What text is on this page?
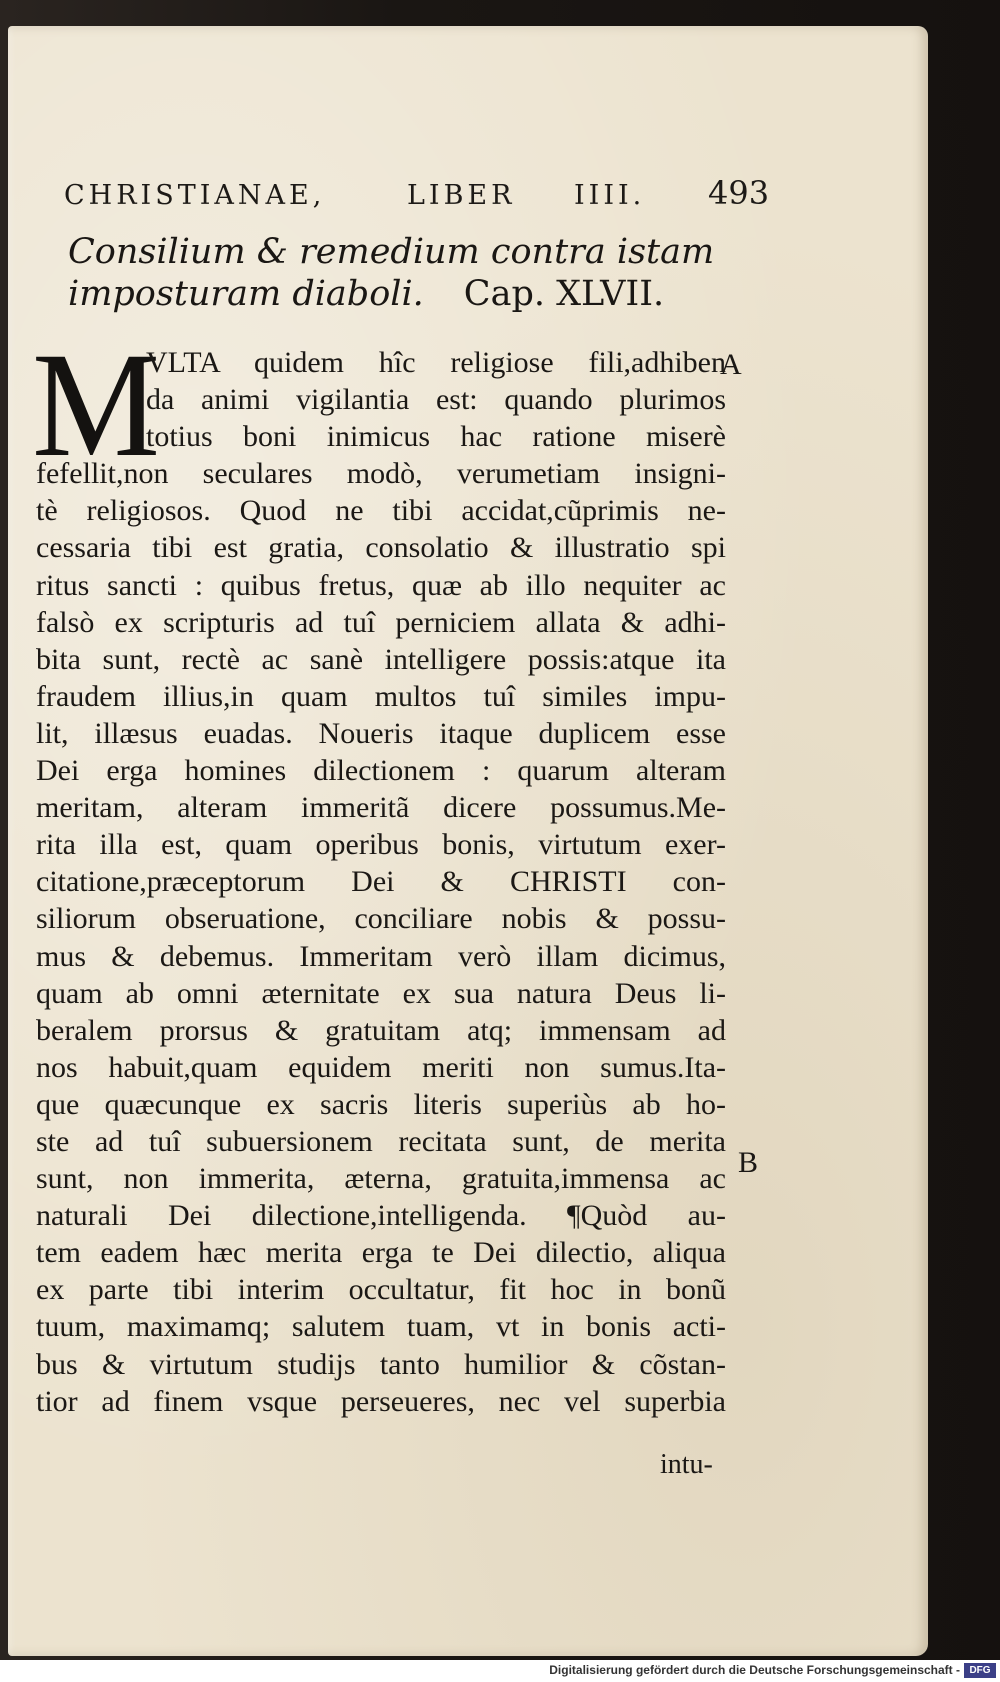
CHRISTIANAE,	LIBER IIII. 493
Consilium & remedium contra istam
imposturam diaboli. Cap. XLVII.
M
VLTA quidem hîc religiose fili,adhiben
da animi vigilantia est: quando plurimos
totius boni inimicus hac ratione miserè
fefellit,non seculares modò, verumetiam insigni-
tè religiosos. Quod ne tibi accidat,cũprimis ne-
cessaria tibi est gratia, consolatio & illustratio spi
ritus sancti : quibus fretus, quæ ab illo nequiter ac
falsò ex scripturis ad tuî perniciem allata & adhi-
bita sunt, rectè ac sanè intelligere possis:atque ita
fraudem illius,in quam multos tuî similes impu-
lit, illæsus euadas. Noueris itaque duplicem esse
Dei erga homines dilectionem : quarum alteram
meritam, alteram immeritã dicere possumus.Me-
rita illa est, quam operibus bonis, virtutum exer-
citatione,præceptorum Dei & CHRISTI con-
siliorum obseruatione, conciliare nobis & possu-
mus & debemus. Immeritam verò illam dicimus,
quam ab omni æternitate ex sua natura Deus li-
beralem prorsus & gratuitam atq; immensam ad
nos habuit,quam equidem meriti non sumus.Ita-
que quæcunque ex sacris literis superiùs ab ho-
ste ad tuî subuersionem recitata sunt, de merita
sunt, non immerita, æterna, gratuita,immensa ac
naturali Dei dilectione,intelligenda. ¶Quòd au-
tem eadem hæc merita erga te Dei dilectio, aliqua
ex parte tibi interim occultatur, fit hoc in bonũ
tuum, maximamq; salutem tuam, vt in bonis acti-
bus & virtutum studijs tanto humilior & cõstan-
tior ad finem vsque perseueres, nec vel superbia
A
B
intu-
Digitalisierung gefördert durch die Deutsche Forschungsgemeinschaft - DFG
